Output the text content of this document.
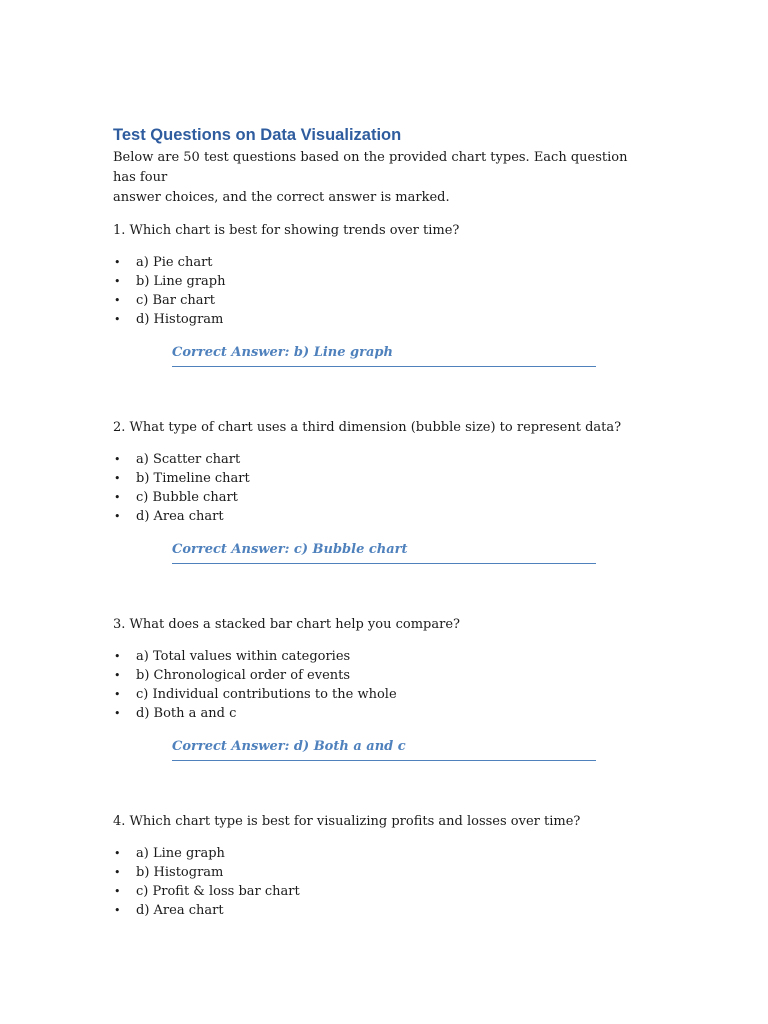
Test Questions on Data Visualization

Below are 50 test questions based on the provided chart types. Each question has four
answer choices, and the correct answer is marked.

1. Which chart is best for showing trends over time?

• a) Pie chart
• b) Line graph
• c) Bar chart
• d) Histogram
Correct Answer: b) Line graph

2. What type of chart uses a third dimension (bubble size) to represent data?

• a) Scatter chart
• b) Timeline chart
• c) Bubble chart
• d) Area chart
Correct Answer: c) Bubble chart

3. What does a stacked bar chart help you compare?

• a) Total values within categories
• b) Chronological order of events
• c) Individual contributions to the whole
• d) Both a and c
Correct Answer: d) Both a and c

4. Which chart type is best for visualizing profits and losses over time?

• a) Line graph
• b) Histogram
• c) Profit & loss bar chart
• d) Area chart
